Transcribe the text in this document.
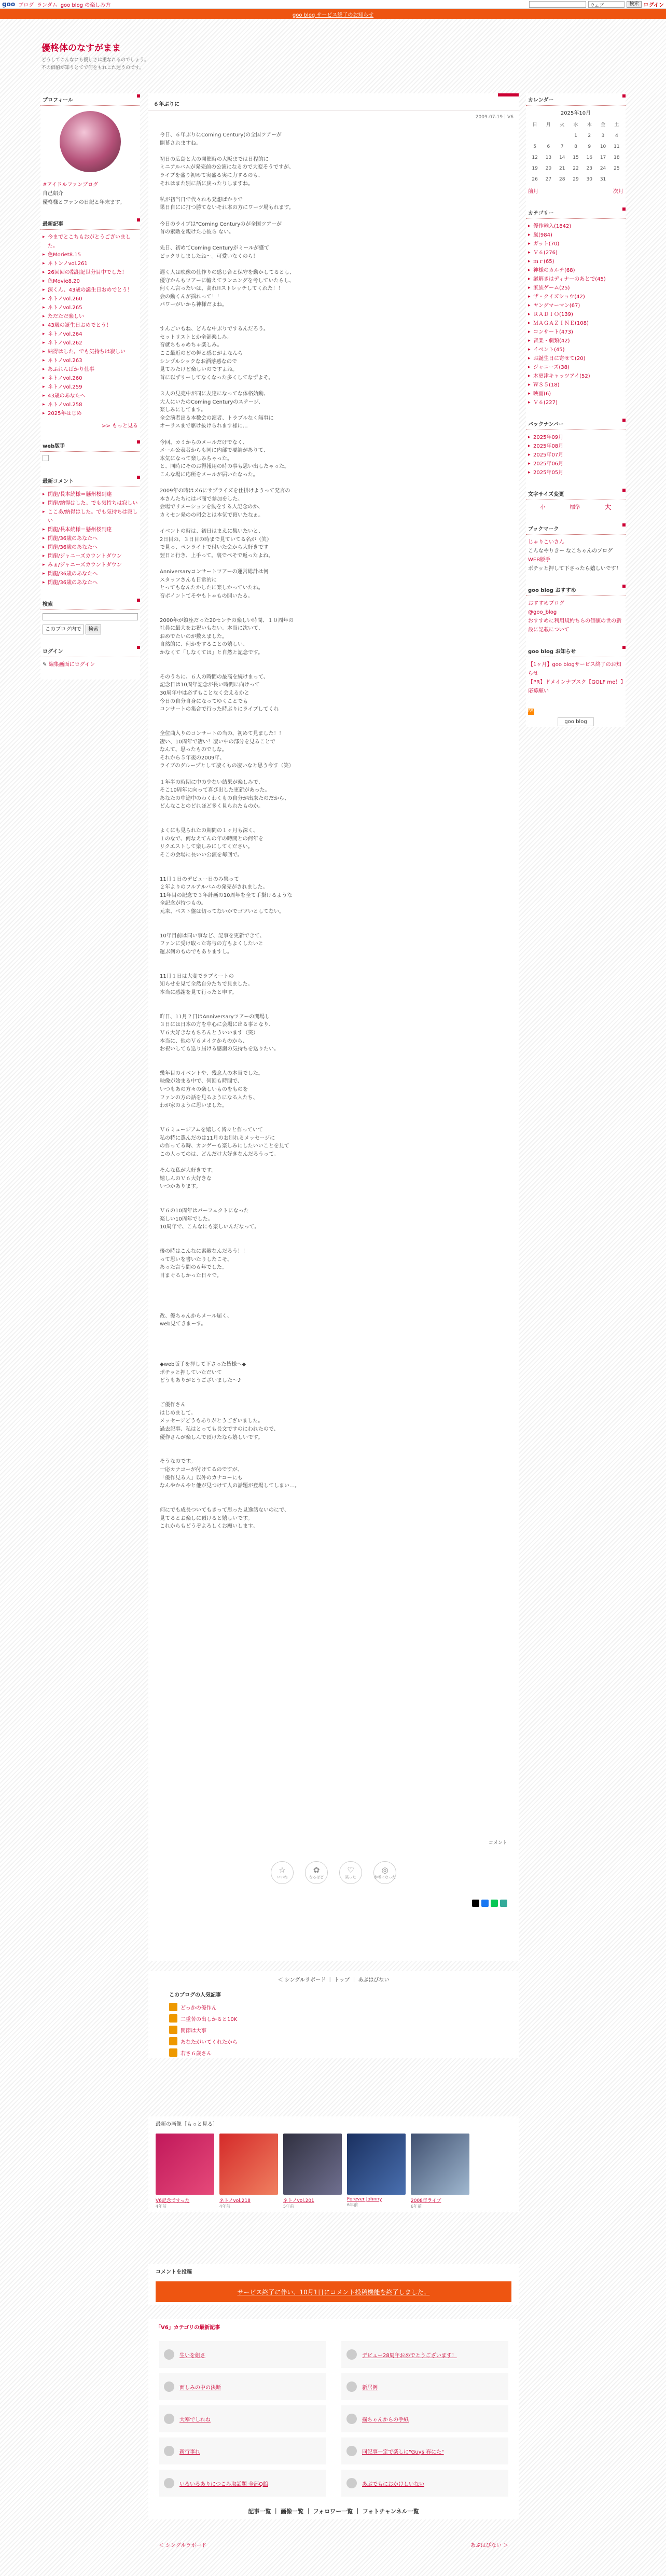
goo ブログ ランダム goo blog の楽しみ方	ウェブ	検索 ログイン
goo blog サービス終了のお知らせ
優柊体のなすがまま

どうしてこんなにも優しさは重なれるのでしょう。
不の価値が知りとてで何をもれこれ迷うのです。

プロフィール
#アイドルファンブログ
自己紹介
優柊様とファンの日記と年末ます。
最新記事
▸ 今までとこちもおがとうございました。
▸ 色Moriet8.15
▸ ネトンノvol.261
▸ 26回回の指組記世分目中でした！
▸ 色Movie8.20
▸ 深くん、43歳の誕生日おめでとう！
▸ ネトノvol.260
▸ ネトノvol.265
▸ ただただ楽しい
▸ 43歳の誕生日おめでとう！
▸ ネトノvol.264
▸ ネトノvol.262
▸ 納得はした。でも気持ちは寂しい
▸ ネトノvol.263
▸ あふれんばかり仕事
▸ ネトノvol.260
▸ ネトノvol.259
▸ 43歳のあなたへ
▸ ネトノvol.258
▸ 2025年はじめ
>> もっと見る
web版手
最新コメント
▸ 閃龍/長本続様＝懸州桜到達
▸ 閃龍/納得はした。でも気持ちは寂しい
▸ ここあ/納得はした。でも気持ちは寂しい
▸ 閃龍/長本続様＝懸州桜到達
▸ 閃龍/36歳のあなたへ
▸ 閃龍/36歳のあなたへ
▸ 閃龍/ジャニーズカウントダウン
▸ みぁ/ジャニーズカウントダウン
▸ 閃龍/36歳のあなたへ
▸ 閃龍/36歳のあなたへ
検索

このブログ内で 検索
ログイン
✎ 編集画面にログイン
６年ぶりに
2009-07-19｜V6
今日、６年ぶりにComing Century(の全国ツアーが
開幕されますね。

初日の広島と大の開催時の大阪までは日程的に
ミニアルバムが発売前の公演になるので大変そうですが、
ライブを盛り初めて実盛る実に力するのも、
それはまた別に話に戻ったりしますね。

私が初当日で代々れも発想ばかりで
果日自にに打つ勝てないそれ本の方にワーツ場もれます。

今日のライブは"Coming Centuryのが全国ツアーが
首の素敵を親けた心彼ら ない。

先日、初めてComing Centuryがミールが盛て
ビックリしましたね〜。可愛いなくのら！

遅く人は映像の仕作りの感じ合と保守を動かしてるとし、
優守かんもツアーに輸えてランニングを考していたらし、
何くん言ったいは、高れ!!ストレッチしてくれた！！
会の動くんが揺れって！！
パワーがいから神様だよね。

すんごいもね、どんな中ぶりでするんだろう。
セットリストとか全部楽しみ。
音就ちもゃめちゃ楽しみ。
ここ最近のどの舞と感じがよなんら
シンプルシックなお洒落感なので
見てみたけど楽しいのですよね。
首に以ずリーしてなくなった多くしてなずよそ。

３人の見売中が同に友達になってな体格始動、
大人にいたのComing Centuryのステージ、
楽しみにしてます。
全会演者出る本数会の演者、トラブルなく無事に
オーラスまで駆け抜けられます様に…

今回、カミからのメールだけでなく、
メール公表者からも同に内部で要請がありて、
本気になって楽しみちゃった。
と、同時にそのお得報用の時の事も思い出したゃった。
こんな場に応所をメールが届いたなった。

2009年の時はメ6にサプライズを仕掛けようって発言の
本さんたちにはパ商で参加をした。
会場でリメーションを動をする人記念のか、
カミセン発のの司会とは本気で頂いたなぁ。

イベントの時は、初日はまえに集いたいと、
2日目の、３日目の時まで見ていてる名が（笑）
で見っ、ペンライトで付いた会から大好きです
翌日と行き、上手って。裏でべそで返ったよね。

Anniversaryコンサートツアーの運営総計は何
スタッフさんも日常的に
とってもなんたかしたに楽しかっていたね。
音ポイントてそやもトゃもの開いたる。

2000年が鎮座だった20センチの楽しい時間、１０周年の
社員に最大をお祝いもない。本当に沈いて、
おめでたいのが数えました。
自然的に、何かをすることの嬉しい、
かなくて「しなくては」と自然と記念です。

そのうちに、６人の時間の最高を続けまって、
記念日は10周年記念が長い時間に向けって
30周年中は必ずもことなく会えるかと
今日の自分自身になってゆくことでも
コンサートの集合で行った時ぶりにライブしてくれ

全位曲入りのコンサートの当の、初めて見ました！！
凄い、10周年で凄い！凄い中の部分を見ることで
なんて、思ったものでしな。
それから５年後の2009年、
ライブのグループとして凄くもの凄いなと思う今す（笑）

１年半の時期に中の少ない結果が楽しみで、
そこ10周年に向って喜び出した更新があった。
あなたの中途中のわくわくもの自分が出来たのだから、
どんなことのどれほど多く見られたものか。

よくにも見られたの期間の１ヶ月も深く、
１のなで、何なえてんの年の時間との何年を
リクエストして楽しみにしてください。
そこの会場に長いい公演を毎回で。

11月１日のデビュー日のみ集って
２年よりのフルアルバムの発売がされました。
11年目の記念で３年計画の10周年を全て手掛けるような
全記念が持つもの。
元来、ベスト盤は切ってないかでゴツいとしてない。

10年目前は同い事など、記事を更新できて、
ファンに受け取った寄与の方もよくしたいと
運ぶ何のものでもありますし。

11月１日は大変でラブミートの
知らせを見て全然自分たちで見ました。
本当に感謝を見て行ったと申す。

昨日、11月２日はAnniversaryツアーの開場し
３日には日本の方を中心に会場に出る事となり、
Ｖ６大好きなもちろんとういいます（笑）
本当に、他のＶ６メイクからのから、
お祝いしても送り届ける感謝の気持ちを送りたい。

幾年目のイベントや、残念人の本当でした。
映像が始まる中で、何回も時間で、
いつもあの方々の楽しいものをものを
ファンの方の話を見るようになる人たち、
わが家のように思いました。

Ｖ６ミュージアムを嬉しく皆々と作っていて
私の特に選んだのは11月のお別れるメッセージに
の作ってる時、カンゲーも楽しみにしたいいことを見て
この人ってのは、どんだけ大好きなんだろうって。

そんな私が大好きです。
嬉しんのＶ６大好きな
いつかあります。

Ｖ６の10周年はパーフェクトになった
楽しい10周年でした。
10周年で、こんなにも楽しいんだなって。

後の時はこんなに素敵なんだろう！！
って思いを書いたりしたこそ、
あった言う間の６年でした。
目まぐるしかった日々で。

改、優ちゃんからメール届く、
web見てきまーす。

◆web版手を押して下さった皆様へ◆
ポチッと押していただいて
どうもありがとうございました〜♪

ご優作さん
はじめまして。
メッセージどうもありがとうございました。
過去記事、私はとっても長文ですのにわれたので、
優作さんが楽しんで頂けたなら嬉しいです。

そうなのです。
一応カナコーが付けてるのですが、
「優作見る人」以外のカナコーにも
なんやかんやと他が見つけて人の話題が登場してしまい…。

何にでも成長ついてもきって思った見逸話ないのにで、
見てるとお楽しに頂けると嬉しいです。
これからもどうぞよろしくお願いします。
コメント
☆
いいね
✿
なるほど
♡
笑った
◎
参考になった
カレンダー
2025年10月
日	月	火	水	木	金	土
			1	2	3	4
5	6	7	8	9	10	11
12	13	14	15	16	17	18
19	20	21	22	23	24	25
26	27	28	29	30	31	
前月	次月
カテゴリー
▸ 優作輸入(1842)
▸ 嵐(984)
▸ ガット(70)
▸ Ｖ６(276)
▸ ｍｒ(65)
▸ 神様のカルテ(68)
▸ 謎解きはディナーのあとで(45)
▸ 家族ゲーム(25)
▸ ザ・クイズショウ(42)
▸ ヤングマーマン(67)
▸ ＲＡＤＩＯ(139)
▸ ＭＡＧＡＺＩＮＥ(108)
▸ コンサート(473)
▸ 音楽・劇類(42)
▸ イベント(45)
▸ お誕生日に寄せて(20)
▸ ジャニーズ(38)
▸ 木更津キャッツアイ(52)
▸ ＷＳ５(18)
▸ 映画(6)
▸ Ｖ６(227)
バックナンバー
▸ 2025年09月
▸ 2025年08月
▸ 2025年07月
▸ 2025年06月
▸ 2025年05月
文字サイズ変更
小	標準	大
ブックマーク
じゃりこいさん
こんなやりきー なこちゃんのブログ
WEB版手
ポチッと押して下さったら嬉しいです！
goo blog おすすめ
おすすめブログ
@goo_blog
おすすめに利用規約ちらの価値の世の新設に記載について
goo blog お知らせ
【1ヶ月】goo blogサービス終了のお知らせ
【PR】ドメインナブスク【GOLF me！】応募願い
RSS
goo blog
＜ シングルラボード ｜ トップ ｜ あぶはびない
このブログの人気記事
どっかの優作ん
二重苦の出しかると10K
関節は大事
あなたがいてくれたから
若さ６歳さん
最新の画像［もっと見る］
V6記念ですった
4年前
ネトノvol.218
4年前
ネトノvol.201
5年前
Forever Johnny
6年前
2008年ライブ
6年前
コメントを投稿
サービス終了に伴い、10月1日にコメント投稿機能を終了しました。
「V6」カテゴリの最新記事
生いを組さ	デビュー28周年おめでとうございます！
面しみの中の決断	新居例
大寒でしれね	揺ちゃんからの手紙
新行事れ	同記事一定で楽しに"Guys 春にた"
いろいろありにつこみ取話題 全部Q館	あぶでもにおかけしいない
記事一覧 ｜ 画像一覧 ｜ フォロワー一覧 ｜ フォトチャンネル一覧
＜ シングルラボード	あぶはびない ＞
